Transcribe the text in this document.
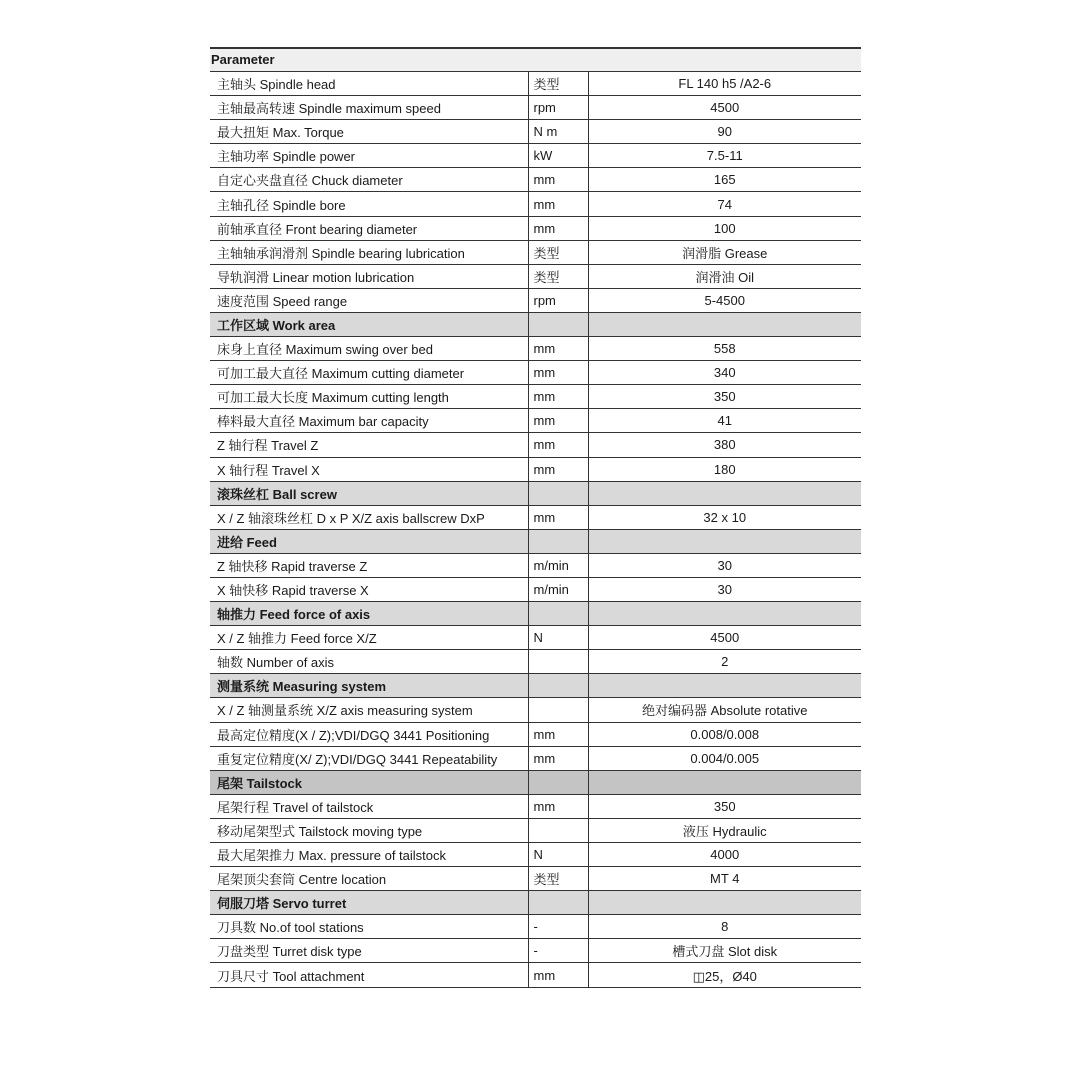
Parameter
主轴头 Spindle head	类型	FL 140 h5 /A2-6
主轴最高转速 Spindle maximum speed	rpm	4500
最大扭矩 Max. Torque	N m	90
主轴功率 Spindle power	kW	7.5-11
自定心夹盘直径 Chuck diameter	mm	165
主轴孔径 Spindle bore	mm	74
前轴承直径 Front bearing diameter	mm	100
主轴轴承润滑剂 Spindle bearing lubrication	类型	润滑脂 Grease
导轨润滑 Linear motion lubrication	类型	润滑油 Oil
速度范围 Speed range	rpm	5-4500
工作区域 Work area		
床身上直径 Maximum swing over bed	mm	558
可加工最大直径 Maximum cutting diameter	mm	340
可加工最大长度 Maximum cutting length	mm	350
棒料最大直径 Maximum bar capacity	mm	41
Z 轴行程 Travel Z	mm	380
X 轴行程 Travel X	mm	180
滚珠丝杠 Ball screw		
X / Z 轴滚珠丝杠 D x P X/Z axis ballscrew DxP	mm	32 x 10
进给 Feed		
Z 轴快移 Rapid traverse Z	m/min	30
X 轴快移 Rapid traverse X	m/min	30
轴推力 Feed force of axis		
X / Z 轴推力 Feed force X/Z	N	4500
轴数 Number of axis		2
测量系统 Measuring system		
X / Z 轴测量系统 X/Z axis measuring system		绝对编码器 Absolute rotative
最高定位精度(X / Z);VDI/DGQ 3441 Positioning	mm	0.008/0.008
重复定位精度(X/ Z);VDI/DGQ 3441 Repeatability	mm	0.004/0.005
尾架 Tailstock		
尾架行程 Travel of tailstock	mm	350
移动尾架型式 Tailstock moving type		液压 Hydraulic
最大尾架推力 Max. pressure of tailstock	N	4000
尾架顶尖套筒 Centre location	类型	MT 4
伺服刀塔 Servo turret		
刀具数 No.of tool stations	-	8
刀盘类型 Turret disk type	-	槽式刀盘 Slot disk
刀具尺寸 Tool attachment	mm	◫25，Ø40
